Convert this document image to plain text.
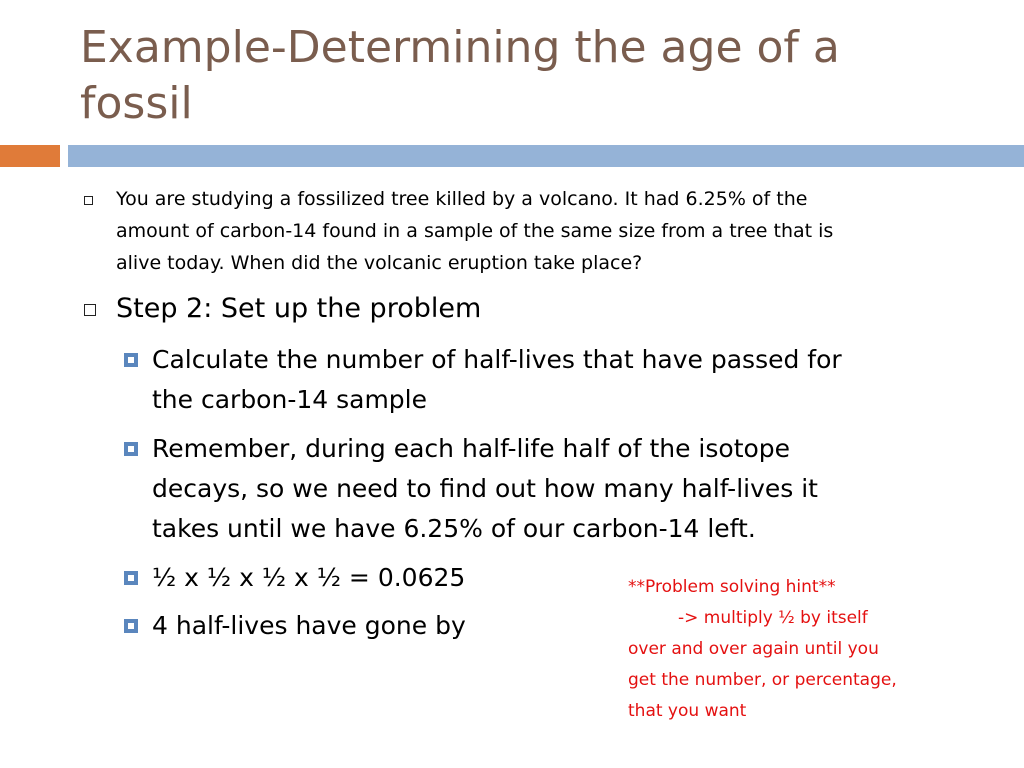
Example-Determining the age of a
fossil
You are studying a fossilized tree killed by a volcano. It had 6.25% of the
amount of carbon-14 found in a sample of the same size from a tree that is
alive today. When did the volcanic eruption take place?
Step 2: Set up the problem
Calculate the number of half-lives that have passed for
the carbon-14 sample
Remember, during each half-life half of the isotope
decays, so we need to find out how many half-lives it
takes until we have 6.25% of our carbon-14 left.
½ x ½ x ½ x ½ = 0.0625
4 half-lives have gone by
**Problem solving hint**
-> multiply ½ by itself
over and over again until you
get the number, or percentage,
that you want
